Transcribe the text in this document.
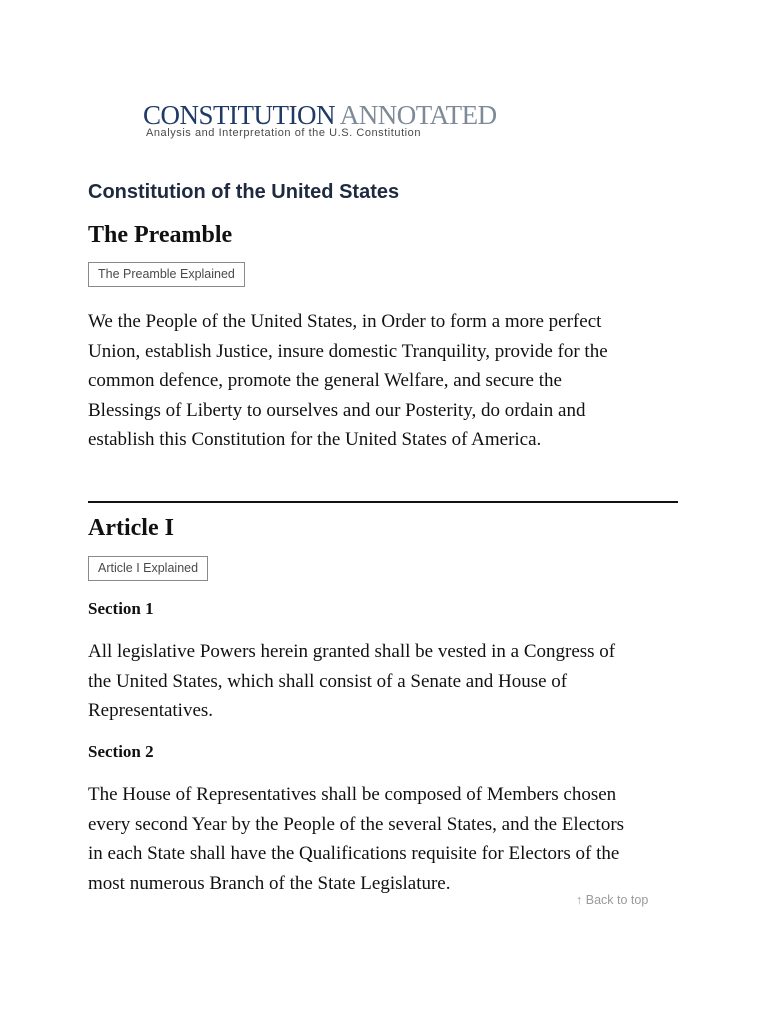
CONSTITUTION ANNOTATED
Analysis and Interpretation of the U.S. Constitution
Constitution of the United States
The Preamble
The Preamble Explained

We the People of the United States, in Order to form a more perfect
Union, establish Justice, insure domestic Tranquility, provide for the
common defence, promote the general Welfare, and secure the
Blessings of Liberty to ourselves and our Posterity, do ordain and
establish this Constitution for the United States of America.

Article I
Article I Explained
Section 1

All legislative Powers herein granted shall be vested in a Congress of
the United States, which shall consist of a Senate and House of
Representatives.

Section 2

The House of Representatives shall be composed of Members chosen
every second Year by the People of the several States, and the Electors
in each State shall have the Qualifications requisite for Electors of the
most numerous Branch of the State Legislature.

↑ Back to top
